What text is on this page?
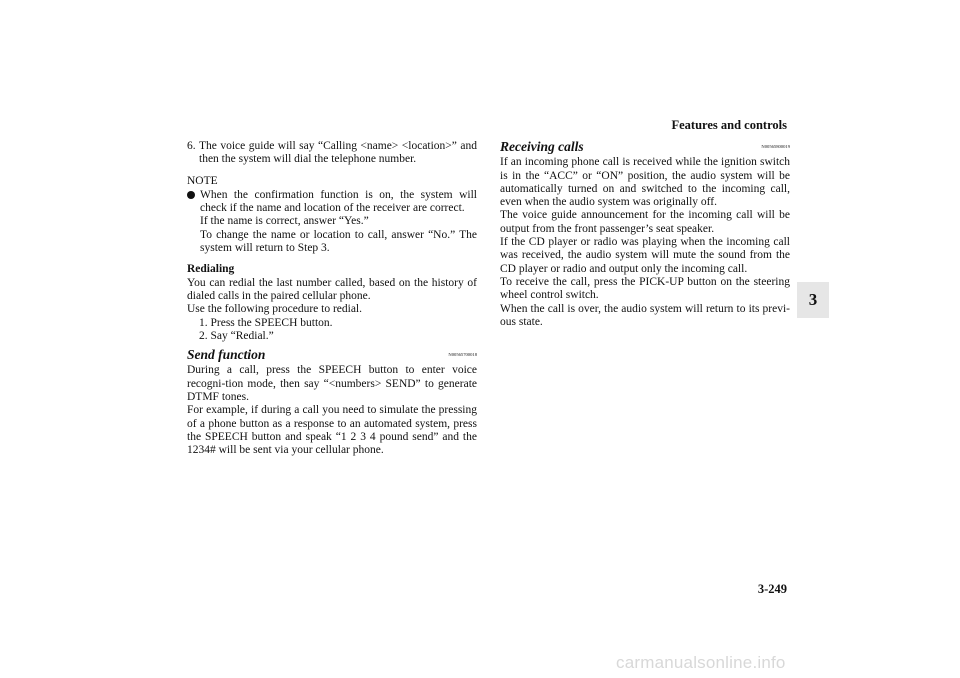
Features and controls
3
6. The voice guide will say “Calling <name> <location>” and then the system will dial the telephone number.
NOTE

When the confirmation function is on, the system will check if the name and location of the receiver are correct.

If the name is correct, answer “Yes.”

To change the name or location to call, answer “No.” The system will return to Step 3.

Redialing

You can redial the last number called, based on the history of dialed calls in the paired cellular phone.

Use the following procedure to redial.

1. Press the SPEECH button.

2. Say “Redial.”

Send function	N00565700018

During a call, press the SPEECH button to enter voice recogni-tion mode, then say “<numbers> SEND” to generate DTMF tones.

For example, if during a call you need to simulate the pressing of a phone button as a response to an automated system, press the SPEECH button and speak “1 2 3 4 pound send” and the 1234# will be sent via your cellular phone.

Receiving calls	N00565800019

If an incoming phone call is received while the ignition switch is in the “ACC” or “ON” position, the audio system will be automatically turned on and switched to the incoming call, even when the audio system was originally off.

The voice guide announcement for the incoming call will be output from the front passenger’s seat speaker.

If the CD player or radio was playing when the incoming call was received, the audio system will mute the sound from the CD player or radio and output only the incoming call.

To receive the call, press the PICK-UP button on the steering wheel control switch.

When the call is over, the audio system will return to its previ-ous state.

3-249
carmanualsonline.info
